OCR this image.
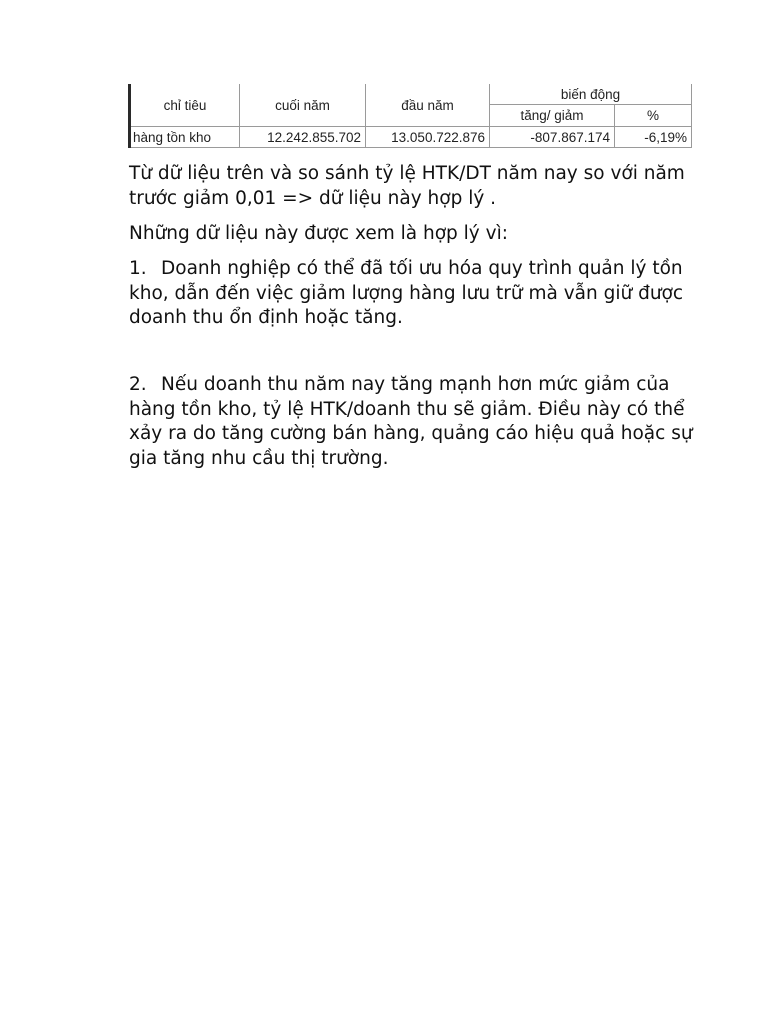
chỉ tiêu	cuối năm	đầu năm	biến động	
			tăng/ giảm	%
hàng tồn kho	12.242.855.702	13.050.722.876	-807.867.174	-6,19%

Từ dữ liệu trên và so sánh tỷ lệ HTK/DT năm nay so với năm trước giảm 0,01 => dữ liệu này hợp lý .

Những dữ liệu này được xem là hợp lý vì:

1. Doanh nghiệp có thể đã tối ưu hóa quy trình quản lý tồn kho, dẫn đến việc giảm lượng hàng lưu trữ mà vẫn giữ được doanh thu ổn định hoặc tăng.

2. Nếu doanh thu năm nay tăng mạnh hơn mức giảm của hàng tồn kho, tỷ lệ HTK/doanh thu sẽ giảm. Điều này có thể xảy ra do tăng cường bán hàng, quảng cáo hiệu quả hoặc sự gia tăng nhu cầu thị trường.
